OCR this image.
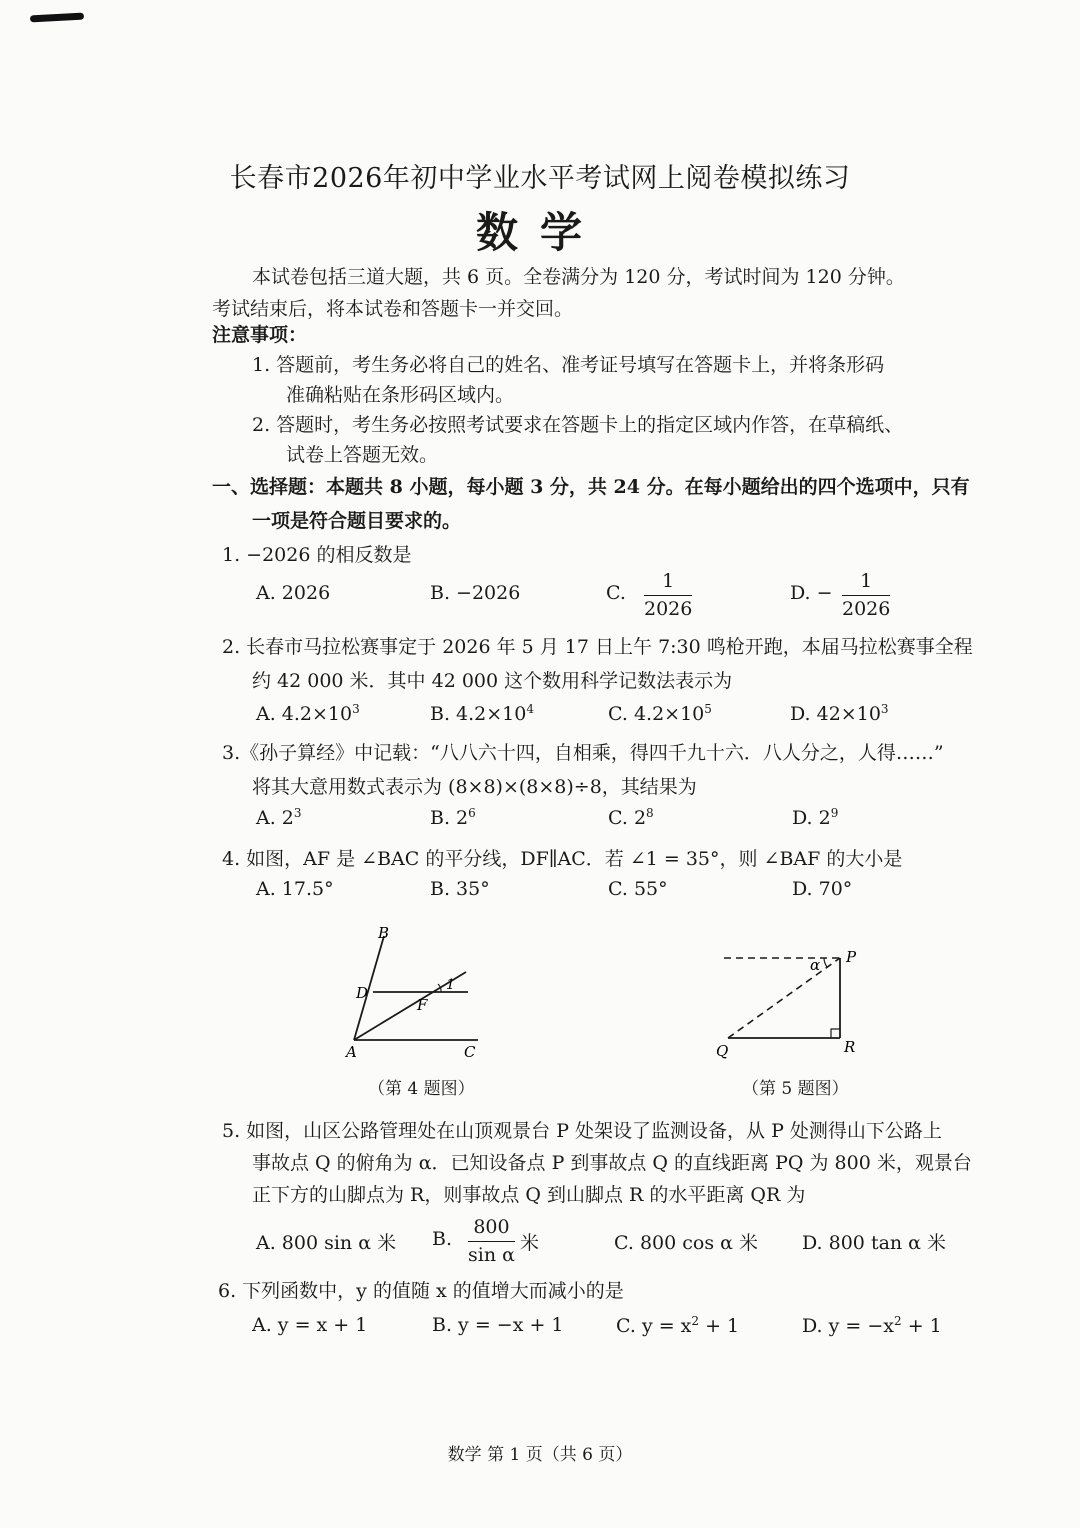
长春市2026年初中学业水平考试网上阅卷模拟练习
数学
本试卷包括三道大题，共 6 页。全卷满分为 120 分，考试时间为 120 分钟。
考试结束后，将本试卷和答题卡一并交回。
注意事项：
1. 答题前，考生务必将自己的姓名、准考证号填写在答题卡上，并将条形码
准确粘贴在条形码区域内。
2. 答题时，考生务必按照考试要求在答题卡上的指定区域内作答，在草稿纸、
试卷上答题无效。
一、选择题：本题共 8 小题，每小题 3 分，共 24 分。在每小题给出的四个选项中，只有
一项是符合题目要求的。
1. −2026 的相反数是
A. 2026	B. −2026	C.
1
2026
D. −
1
2026
2. 长春市马拉松赛事定于 2026 年 5 月 17 日上午 7:30 鸣枪开跑，本届马拉松赛事全程
约 42 000 米．其中 42 000 这个数用科学记数法表示为
A. $4.2\times 10^3$	B. $4.2\times 10^4$	C. $4.2\times 10^5$	D. $42\times 10^3$
3.《孙子算经》中记载：“八八六十四，自相乘，得四千九十六．八人分之，人得……”
将其大意用数式表示为 (8×8)×(8×8)÷8，其结果为
A. $2^3$	B. $2^6$	C. $2^8$	D. $2^9$
4. 如图，AF 是 ∠BAC 的平分线，DF∥AC．若 ∠1 = 35°，则 ∠BAF 的大小是
A. 17.5°	B. 35°	C. 55°	D. 70°
B
D
F
1
A	C
（第 4 题图）
α P
Q	R
（第 5 题图）
5. 如图，山区公路管理处在山顶观景台 P 处架设了监测设备，从 P 处测得山下公路上
事故点 Q 的俯角为 α．已知设备点 P 到事故点 Q 的直线距离 PQ 为 800 米，观景台
正下方的山脚点为 R，则事故点 Q 到山脚点 R 的水平距离 QR 为
A. 800 sin α 米 B.
800
sin α
米	C. 800 cos α 米 D. 800 tan α 米
6. 下列函数中，y 的值随 x 的值增大而减小的是
A. y = x + 1	B. y = −x + 1	C. $y = x^2 + 1$	D. $y = -x^2 + 1$
数学 第 1 页（共 6 页）
